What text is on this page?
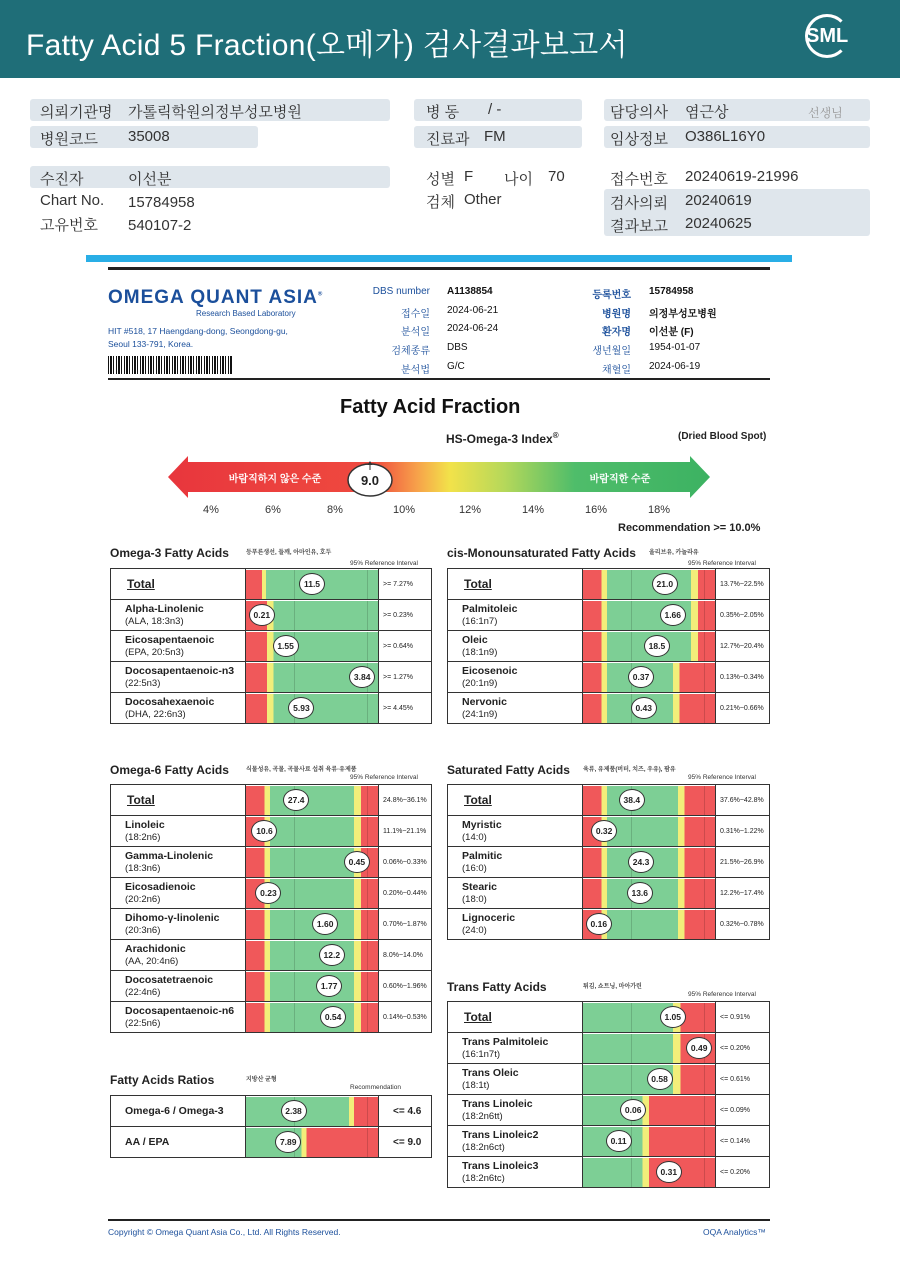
Fatty Acid 5 Fraction(오메가) 검사결과보고서	SML
의뢰기관명 가톨릭학원의정부성모병원
병원코드 35008
병 동 / -
진료과 FM
담당의사 염근상	선생님
임상정보 O386L16Y0
수진자	이선분
Chart No. 15784958
고유번호 540107-2
성별 F 나이 70
검체 Other
접수번호 20240619-21996
검사의뢰 20240619
결과보고 20240625
OMEGA QUANT ASIA®
Research Based Laboratory
HIT #518, 17 Haengdang-dong, Seongdong-gu,
Seoul 133-791, Korea.
DBS number A1138854
접수일 2024-06-21
분석일 2024-06-24
검체종류 DBS
분석법 G/C
등록번호 15784958
병원명 의정부성모병원
환자명 이선분 (F)
생년월일 1954-01-07
채혈일 2024-06-19
Fatty Acid Fraction
HS-Omega-3 Index®	(Dried Blood Spot)
바람직하지 않은 수준	바람직한 수준
9.0
4%	6%	8%	10%	12%	14%	16%	18%
Recommendation >= 10.0%
Omega-3 Fatty Acids	등푸른생선, 들깨, 아마인유, 호두
95% Reference Interval
Total	11.5	>= 7.27%
Alpha-Linolenic
(ALA, 18:3n3)	0.21	>= 0.23%
Eicosapentaenoic
(EPA, 20:5n3)	1.55	>= 0.64%
Docosapentaenoic-n3
(22:5n3)	3.84	>= 1.27%
Docosahexaenoic
(DHA, 22:6n3)	5.93	>= 4.45%
cis-Monounsaturated Fatty Acids 올리브유, 카놀라유
95% Reference Interval
Total	21.0	13.7%~22.5%
Palmitoleic
(16:1n7)	1.66	0.35%~2.05%
Oleic
(18:1n9)	18.5	12.7%~20.4%
Eicosenoic
(20:1n9)	0.37	0.13%~0.34%
Nervonic
(24:1n9)	0.43	0.21%~0.66%
Omega-6 Fatty Acids	식물성유, 곡물, 곡물사료 섭취 육류·유제품
95% Reference Interval
Total	27.4	24.8%~36.1%
Linoleic
(18:2n6)	10.6	11.1%~21.1%
Gamma-Linolenic
(18:3n6)	0.45	0.06%~0.33%
Eicosadienoic
(20:2n6)	0.23	0.20%~0.44%
Dihomo-γ-linolenic
(20:3n6)	1.60	0.70%~1.87%
Arachidonic
(AA, 20:4n6)	12.2	8.0%~14.0%
Docosatetraenoic
(22:4n6)	1.77	0.60%~1.96%
Docosapentaenoic-n6
(22:5n6)	0.54	0.14%~0.53%
Saturated Fatty Acids 육류, 유제품(버터, 치즈, 우유), 팜유
95% Reference Interval
Total	38.4	37.6%~42.8%
Myristic
(14:0)	0.32	0.31%~1.22%
Palmitic
(16:0)	24.3	21.5%~26.9%
Stearic
(18:0)	13.6	12.2%~17.4%
Lignoceric
(24:0)	0.16	0.32%~0.78%
Trans Fatty Acids	튀김, 쇼트닝, 마아가린
95% Reference Interval
Total	1.05	<= 0.91%
Trans Palmitoleic
(16:1n7t)	0.49	<= 0.20%
Trans Oleic
(18:1t)	0.58	<= 0.61%
Trans Linoleic
(18:2n6tt)	0.06	<= 0.09%
Trans Linoleic2
(18:2n6ct)	0.11	<= 0.14%
Trans Linoleic3
(18:2n6tc)	0.31	<= 0.20%
Fatty Acids Ratios	지방산 균형
Recommendation
Omega-6 / Omega-3	2.38	<= 4.6
AA / EPA	7.89	<= 9.0
Copyright © Omega Quant Asia Co., Ltd. All Rights Reserved.	OQA Analytics™
